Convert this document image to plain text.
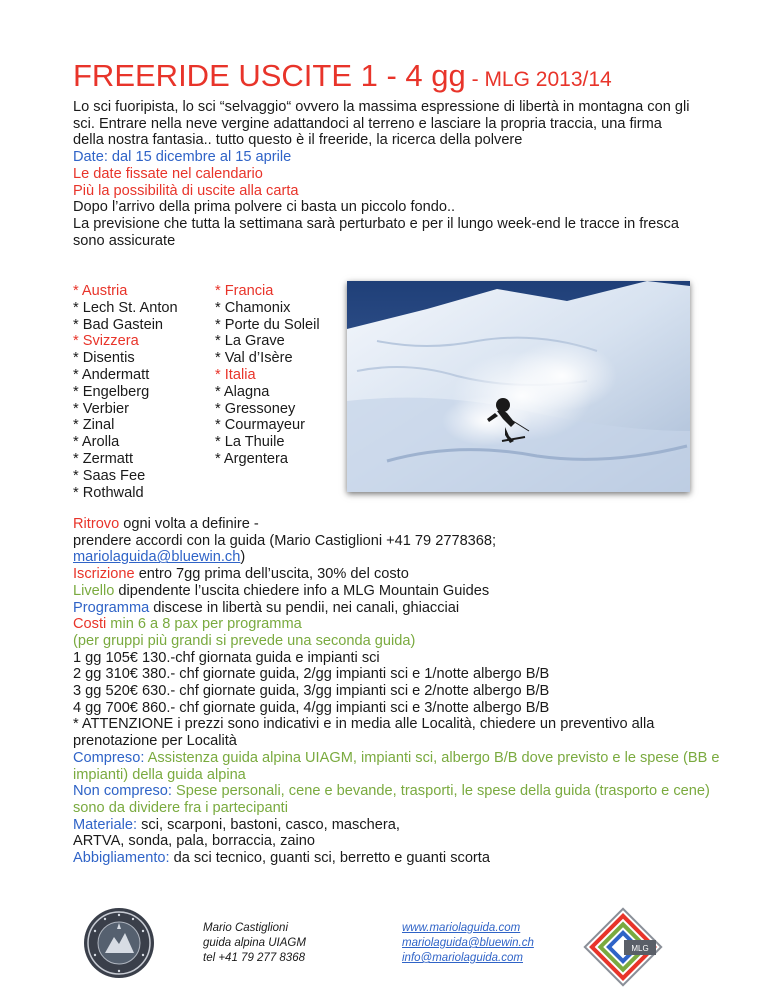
FREERIDE USCITE 1 - 4 gg - MLG 2013/14

Lo sci fuoripista, lo sci “selvaggio“ ovvero la massima espressione di libertà in montagna con gli sci. Entrare nella neve vergine adattandoci al terreno e lasciare la propria traccia, una firma della nostra fantasia.. tutto questo è il freeride, la ricerca della polvere

Date: dal 15 dicembre al 15 aprile

Le date fissate nel calendario

Più la possibilità di uscite alla carta

Dopo l’arrivo della prima polvere ci basta un piccolo fondo..

La previsione che tutta la settimana sarà perturbato e per il lungo week-end le tracce in fresca sono assicurate

* Austria
* Lech St. Anton
* Bad Gastein
* Svizzera
* Disentis
* Andermatt
* Engelberg
* Verbier
* Zinal
* Arolla
* Zermatt
* Saas Fee
* Rothwald
* Francia
* Chamonix
* Porte du Soleil
* La Grave
* Val d’Isère
* Italia
* Alagna
* Gressoney
* Courmayeur
* La Thuile
* Argentera

Ritrovo ogni volta a definire -

prendere accordi con la guida (Mario Castiglioni +41 79 2778368;
mariolaguida@bluewin.ch)

Iscrizione entro 7gg prima dell’uscita, 30% del costo

Livello dipendente l’uscita chiedere info a MLG Mountain Guides

Programma discese in libertà su pendii, nei canali, ghiacciai

Costi min 6 a 8 pax per programma

(per gruppi più grandi si prevede una seconda guida)

1 gg 105€ 130.-chf giornata guida e impianti sci

2 gg 310€ 380.- chf giornate guida, 2/gg impianti sci e 1/notte albergo B/B

3 gg 520€ 630.- chf giornate guida, 3/gg impianti sci e 2/notte albergo B/B

4 gg 700€ 860.- chf giornate guida, 4/gg impianti sci e 3/notte albergo B/B

* ATTENZIONE i prezzi sono indicativi e in media alle Località, chiedere un preventivo alla prenotazione per Località

Compreso: Assistenza guida alpina UIAGM, impianti sci, albergo B/B dove previsto e le spese (BB e impianti) della guida alpina

Non compreso: Spese personali, cene e bevande, trasporti, le spese della guida (trasporto e cene) sono da dividere fra i partecipanti

Materiale: sci, scarponi, bastoni, casco, maschera,
ARTVA, sonda, pala, borraccia, zaino

Abbigliamento: da sci tecnico, guanti sci, berretto e guanti scorta

Mario Castiglioni
guida alpina UIAGM
tel +41 79 277 8368
www.mariolaguida.com
mariolaguida@bluewin.ch
info@mariolaguida.com
MLG
